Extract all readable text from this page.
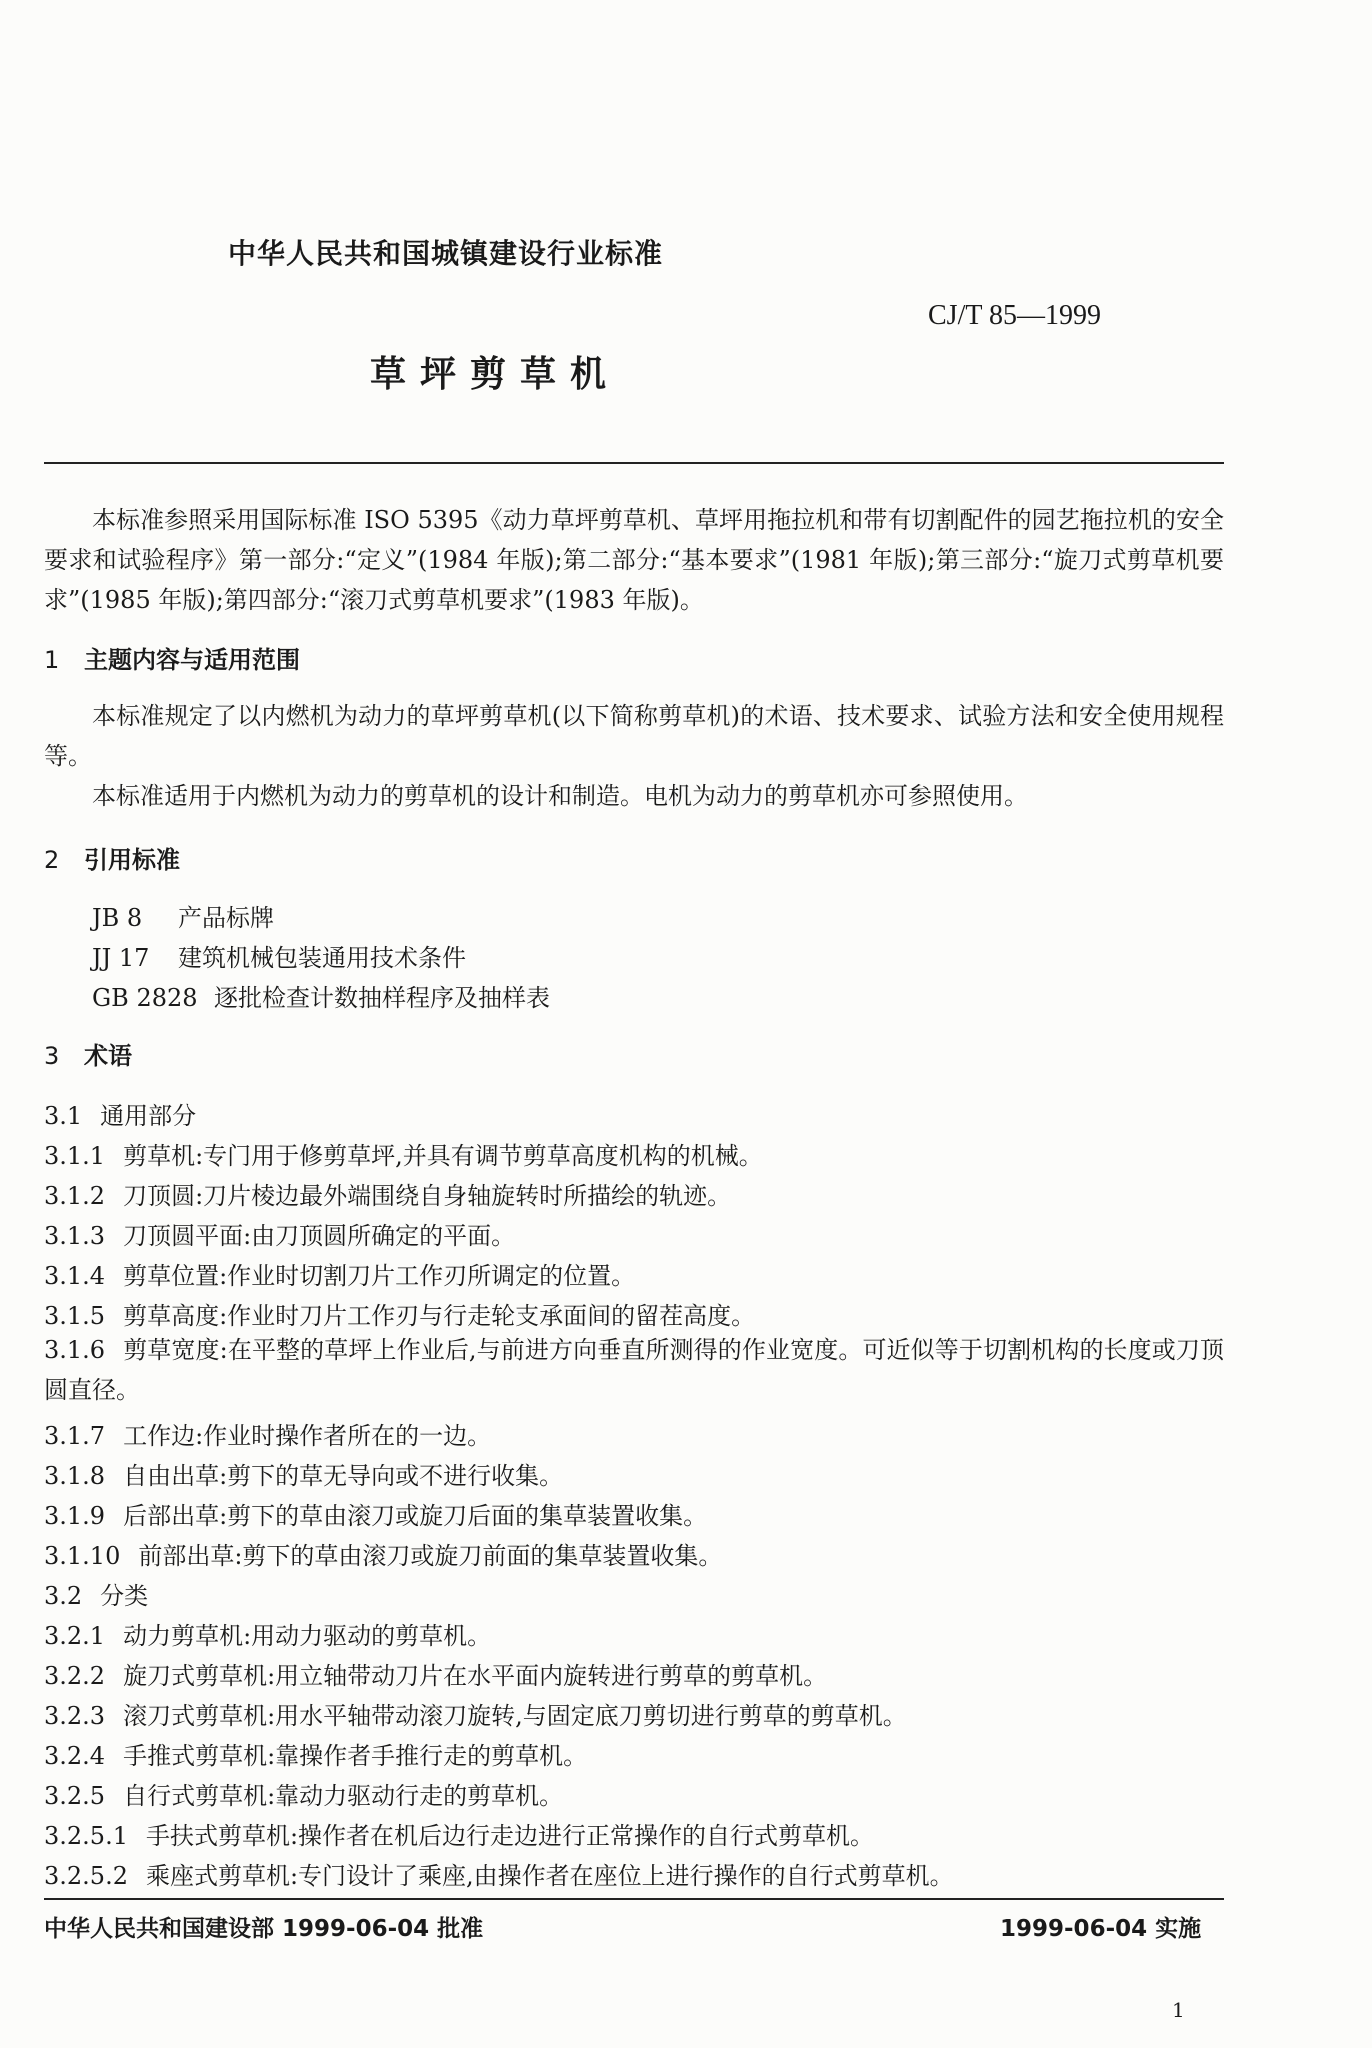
中华人民共和国城镇建设行业标准
CJ/T 85—1999
草坪剪草机
本标准参照采用国际标准 ISO 5395《动力草坪剪草机、草坪用拖拉机和带有切割配件的园艺拖拉机的安全要求和试验程序》第一部分:“定义”(1984 年版);第二部分:“基本要求”(1981 年版);第三部分:“旋刀式剪草机要求”(1985 年版);第四部分:“滚刀式剪草机要求”(1983 年版)。
1 主题内容与适用范围
本标准规定了以内燃机为动力的草坪剪草机(以下简称剪草机)的术语、技术要求、试验方法和安全使用规程等。
本标准适用于内燃机为动力的剪草机的设计和制造。电机为动力的剪草机亦可参照使用。
2 引用标准
JB 8 产品标牌
JJ 17 建筑机械包装通用技术条件
GB 2828 逐批检查计数抽样程序及抽样表
3 术语
3.1 通用部分
3.1.1 剪草机:专门用于修剪草坪,并具有调节剪草高度机构的机械。
3.1.2 刀顶圆:刀片棱边最外端围绕自身轴旋转时所描绘的轨迹。
3.1.3 刀顶圆平面:由刀顶圆所确定的平面。
3.1.4 剪草位置:作业时切割刀片工作刃所调定的位置。
3.1.5 剪草高度:作业时刀片工作刃与行走轮支承面间的留茬高度。
3.1.6 剪草宽度:在平整的草坪上作业后,与前进方向垂直所测得的作业宽度。可近似等于切割机构的长度或刀顶圆直径。
3.1.7 工作边:作业时操作者所在的一边。
3.1.8 自由出草:剪下的草无导向或不进行收集。
3.1.9 后部出草:剪下的草由滚刀或旋刀后面的集草装置收集。
3.1.10 前部出草:剪下的草由滚刀或旋刀前面的集草装置收集。
3.2 分类
3.2.1 动力剪草机:用动力驱动的剪草机。
3.2.2 旋刀式剪草机:用立轴带动刀片在水平面内旋转进行剪草的剪草机。
3.2.3 滚刀式剪草机:用水平轴带动滚刀旋转,与固定底刀剪切进行剪草的剪草机。
3.2.4 手推式剪草机:靠操作者手推行走的剪草机。
3.2.5 自行式剪草机:靠动力驱动行走的剪草机。
3.2.5.1 手扶式剪草机:操作者在机后边行走边进行正常操作的自行式剪草机。
3.2.5.2 乘座式剪草机:专门设计了乘座,由操作者在座位上进行操作的自行式剪草机。
中华人民共和国建设部 1999-06-04 批准	1999-06-04 实施
1
